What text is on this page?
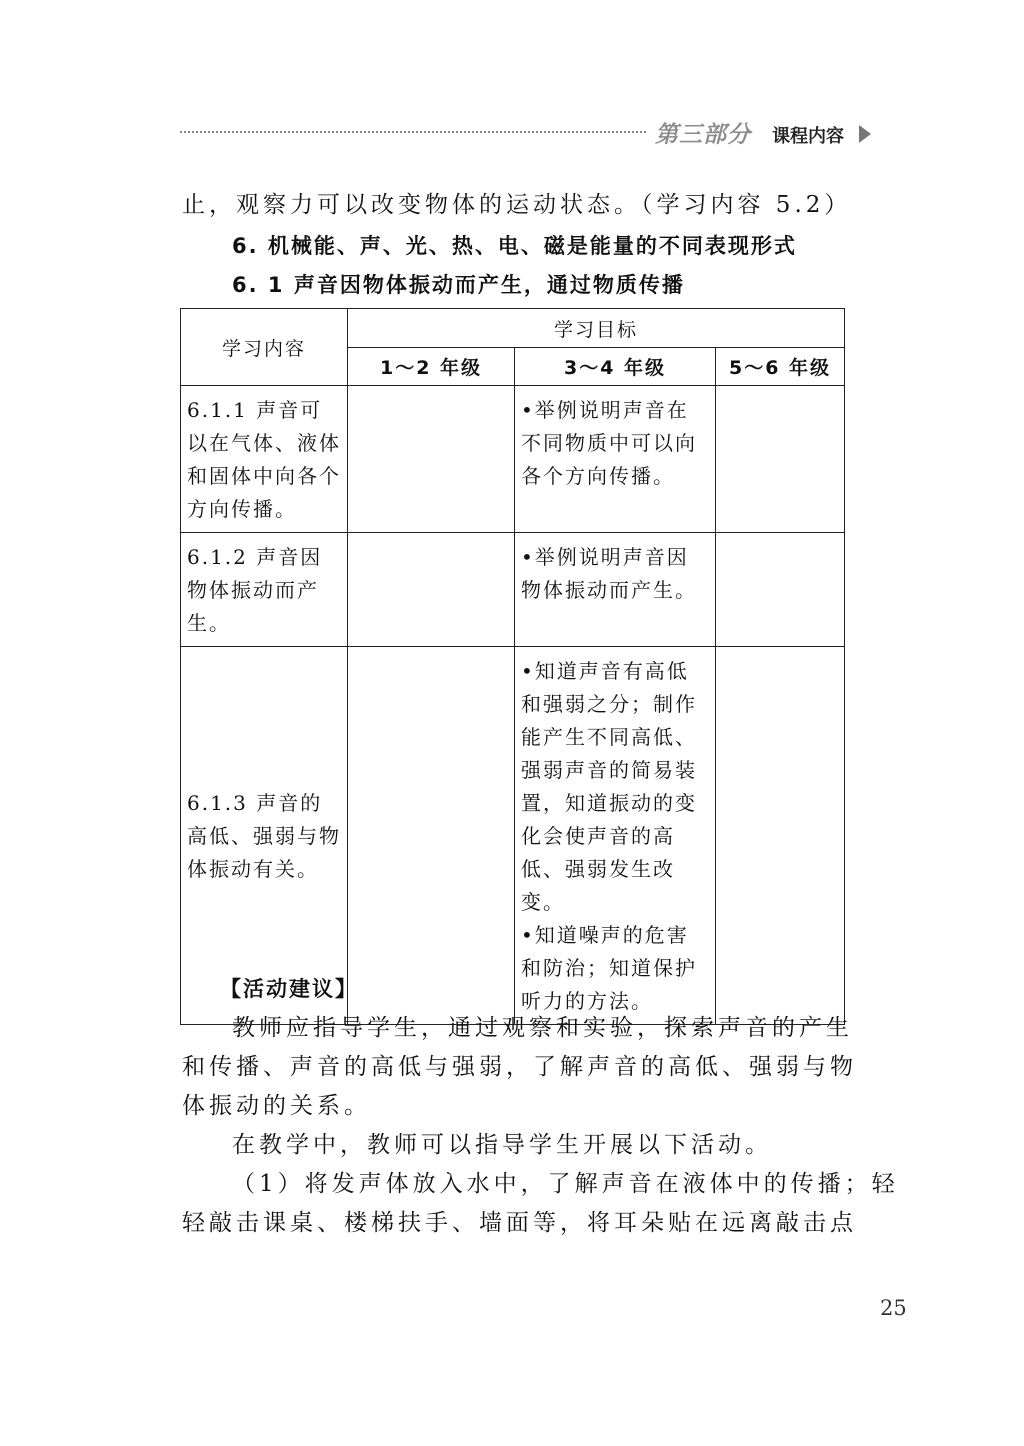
第三部分 课程内容
止，观察力可以改变物体的运动状态。（学习内容 5.2）
6. 机械能、声、光、热、电、磁是能量的不同表现形式
6. 1 声音因物体振动而产生，通过物质传播
学习内容	学习目标		
	1～2 年级	3～4 年级	5～6 年级

6.1.1 声音可以在气体、液体和固体中向各个方向传播。		•举例说明声音在不同物质中可以向各个方向传播。	

6.1.2 声音因物体振动而产生。		•举例说明声音因物体振动而产生。	

6.1.3 声音的高低、强弱与物体振动有关。		•知道声音有高低和强弱之分；制作能产生不同高低、强弱声音的简易装置，知道振动的变化会使声音的高低、强弱发生改变。
•知道噪声的危害和防治；知道保护听力的方法。	

【活动建议】
教师应指导学生，通过观察和实验，探索声音的产生
和传播、声音的高低与强弱，了解声音的高低、强弱与物
体振动的关系。
在教学中，教师可以指导学生开展以下活动。
（1）将发声体放入水中，了解声音在液体中的传播；轻
轻敲击课桌、楼梯扶手、墙面等，将耳朵贴在远离敲击点
25
